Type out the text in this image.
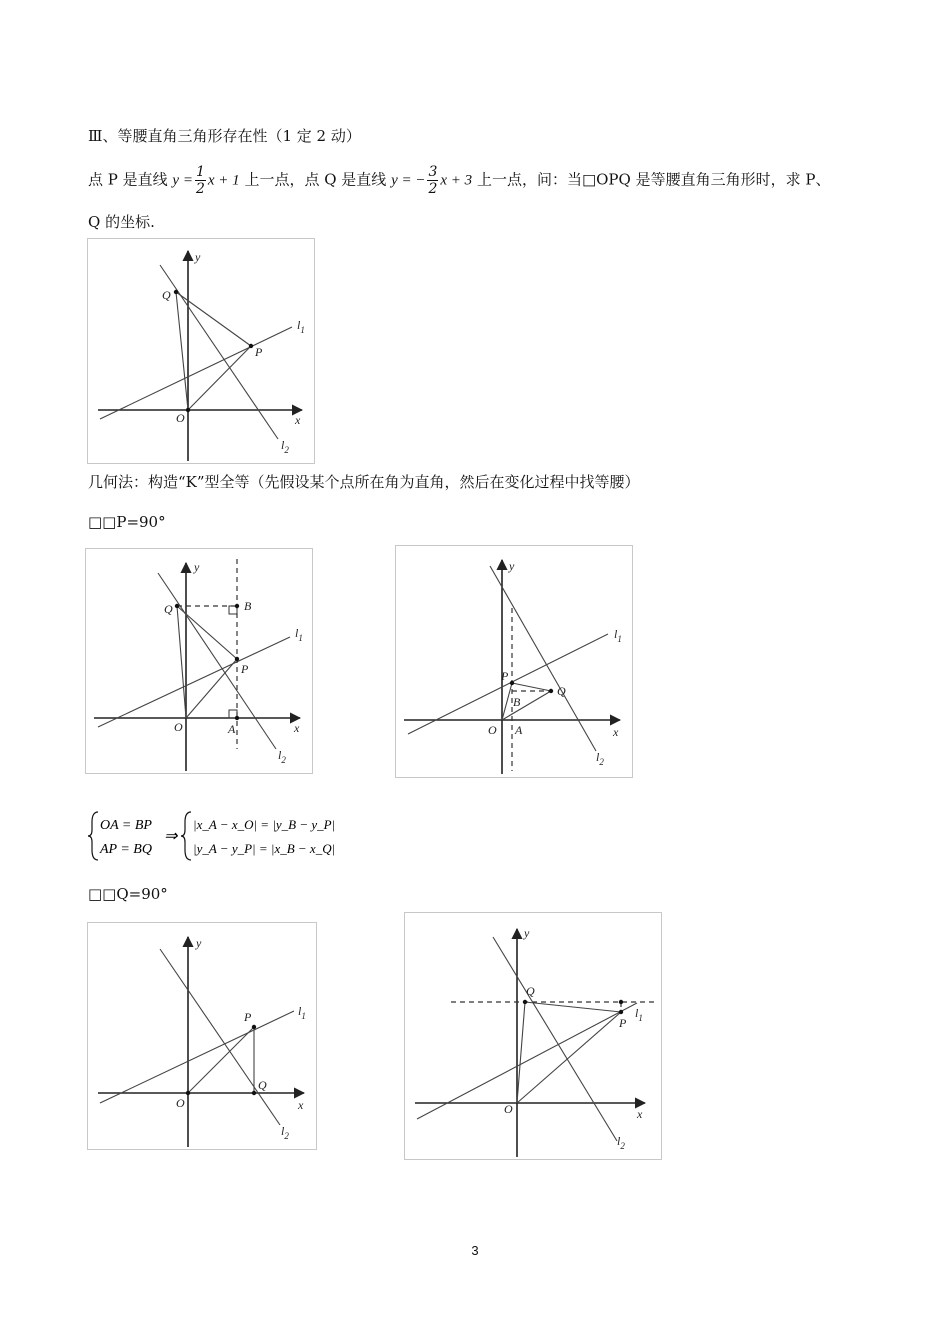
Ⅲ、等腰直角三角形存在性（1 定 2 动）
点 P 是直线 $y = \frac{1}{2}$ x + 1 上一点，点 Q 是直线 y = − $\frac{3}{2}$ x + 3 上一点，问：当□OPQ 是等腰直角三角形时，求 P、
Q 的坐标.
y
x
Q
P
O
$l_1$
$l_2$
几何法：构造“K”型全等（先假设某个点所在角为直角，然后在变化过程中找等腰）
□□P=90°
y
x
Q	B
P
O	A
$l_1$
$l_2$
y
x
P
Q
B
O A
$l_1$
$l_2$
OA = BP
AP = BQ
⇒
|x_A − x_O| = |y_B − y_P|
|y_A − y_P| = |x_B − x_Q|
□□Q=90°
y
x
P
Q
O
$l_1$
$l_2$
y
x
Q
P
O
$l_1$
$l_2$
3
